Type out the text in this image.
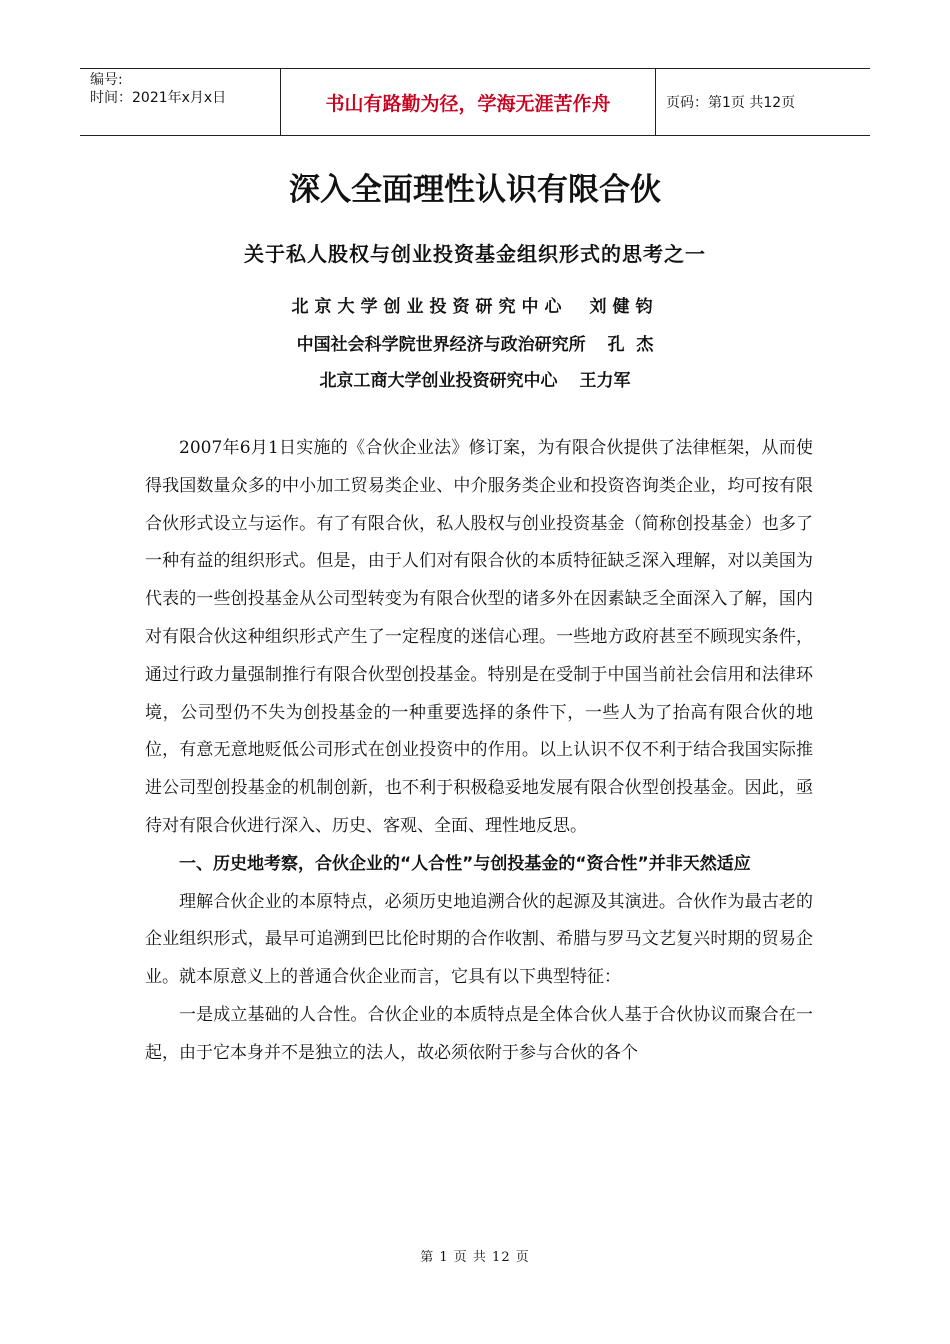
编号:
时间：2021年x月x日	书山有路勤为径，学海无涯苦作舟	页码：第1页 共12页
深入全面理性认识有限合伙
关于私人股权与创业投资基金组织形式的思考之一
北京大学创业投资研究中心 刘健钧
中国社会科学院世界经济与政治研究所 孔  杰
北京工商大学创业投资研究中心 王力军

2007年6月1日实施的《合伙企业法》修订案，为有限合伙提供了法律框架，从而使得我国数量众多的中小加工贸易类企业、中介服务类企业和投资咨询类企业，均可按有限合伙形式设立与运作。有了有限合伙，私人股权与创业投资基金（简称创投基金）也多了一种有益的组织形式。但是，由于人们对有限合伙的本质特征缺乏深入理解，对以美国为代表的一些创投基金从公司型转变为有限合伙型的诸多外在因素缺乏全面深入了解，国内对有限合伙这种组织形式产生了一定程度的迷信心理。一些地方政府甚至不顾现实条件，通过行政力量强制推行有限合伙型创投基金。特别是在受制于中国当前社会信用和法律环境，公司型仍不失为创投基金的一种重要选择的条件下，一些人为了抬高有限合伙的地位，有意无意地贬低公司形式在创业投资中的作用。以上认识不仅不利于结合我国实际推进公司型创投基金的机制创新，也不利于积极稳妥地发展有限合伙型创投基金。因此，亟待对有限合伙进行深入、历史、客观、全面、理性地反思。

一、历史地考察，合伙企业的“人合性”与创投基金的“资合性”并非天然适应

理解合伙企业的本原特点，必须历史地追溯合伙的起源及其演进。合伙作为最古老的企业组织形式，最早可追溯到巴比伦时期的合作收割、希腊与罗马文艺复兴时期的贸易企业。就本原意义上的普通合伙企业而言，它具有以下典型特征：

一是成立基础的人合性。合伙企业的本质特点是全体合伙人基于合伙协议而聚合在一起，由于它本身并不是独立的法人，故必须依附于参与合伙的各个

第 1 页 共 12 页
